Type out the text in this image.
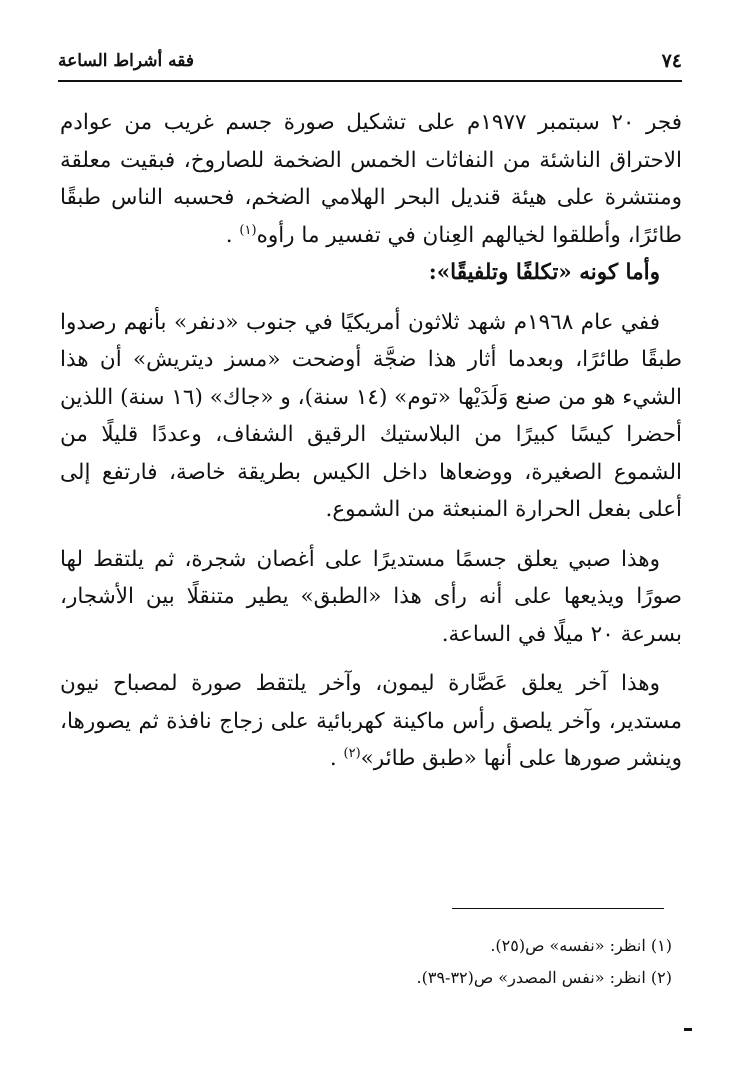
فقه أشراط الساعة	٧٤

فجر ٢٠ سبتمبر ١٩٧٧م على تشكيل صورة جسم غريب من عوادم الاحتراق الناشئة من النفاثات الخمس الضخمة للصاروخ، فبقيت معلقة ومنتشرة على هيئة قنديل البحر الهلامي الضخم، فحسبه الناس طبقًا طائرًا، وأطلقوا لخيالهم العِنان في تفسير ما رأوه$^{(١)}$ .

وأما كونه «تكلفًا وتلفيقًا»:

ففي عام ١٩٦٨م شهد ثلاثون أمريكيًا في جنوب «دنفر» بأنهم رصدوا طبقًا طائرًا، وبعدما أثار هذا ضجَّة أوضحت «مسز ديتريش» أن هذا الشيء هو من صنع وَلَدَيْها «توم» (١٤ سنة)، و «جاك» (١٦ سنة) اللذين أحضرا كيسًا كبيرًا من البلاستيك الرقيق الشفاف، وعددًا قليلًا من الشموع الصغيرة، ووضعاها داخل الكيس بطريقة خاصة، فارتفع إلى أعلى بفعل الحرارة المنبعثة من الشموع.

وهذا صبي يعلق جسمًا مستديرًا على أغصان شجرة، ثم يلتقط لها صورًا ويذيعها على أنه رأى هذا «الطبق» يطير متنقلًا بين الأشجار، بسرعة ٢٠ ميلًا في الساعة.

وهذا آخر يعلق عَصَّارة ليمون، وآخر يلتقط صورة لمصباح نيون مستدير، وآخر يلصق رأس ماكينة كهربائية على زجاج نافذة ثم يصورها، وينشر صورها على أنها «طبق طائر»$^{(٢)}$ .

(١) انظر: «نفسه» ص(٢٥).

(٢) انظر: «نفس المصدر» ص(٣٢-٣٩).
